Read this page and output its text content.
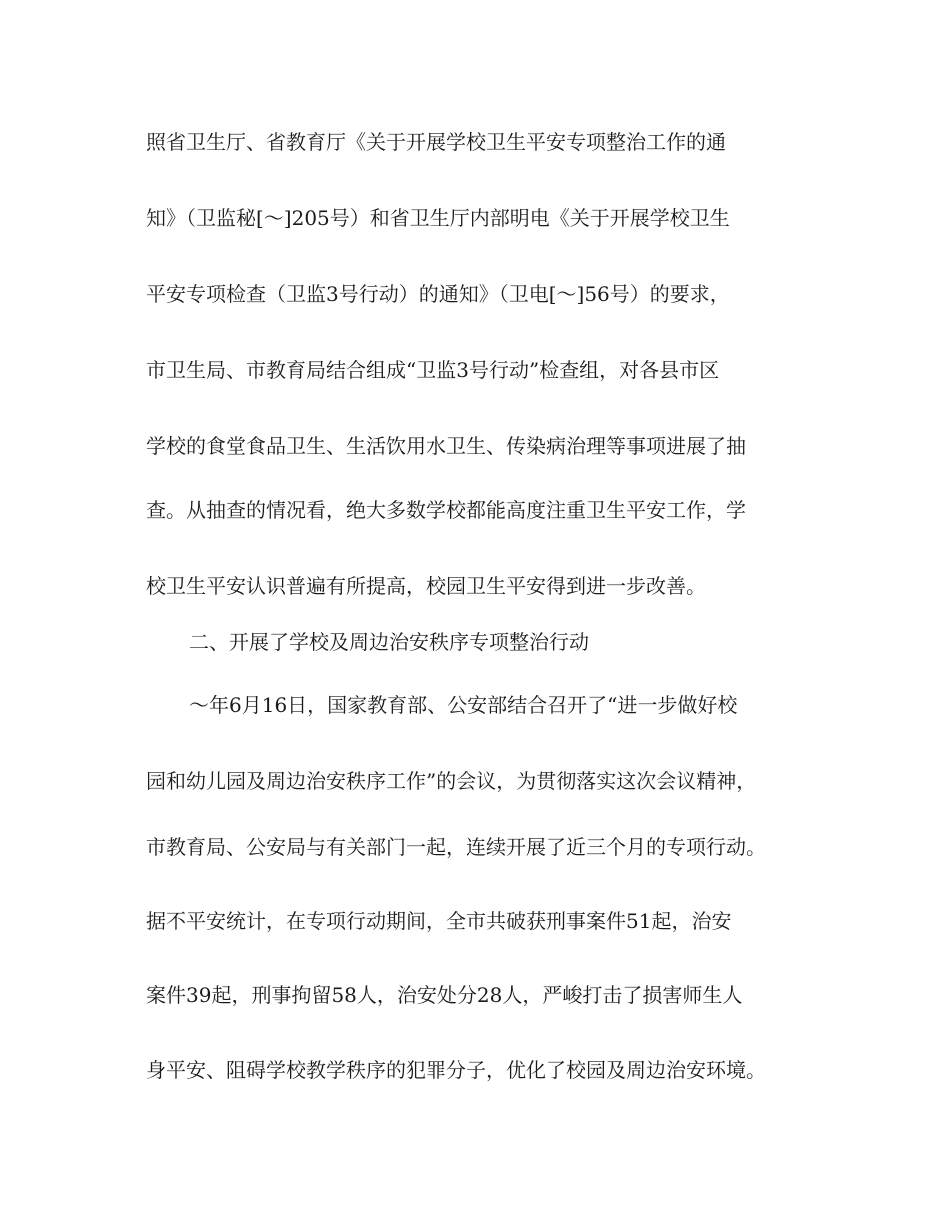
照省卫生厅、省教育厅《关于开展学校卫生平安专项整治工作的通
知》（卫监秘[～]205号）和省卫生厅内部明电《关于开展学校卫生
平安专项检查（卫监3号行动）的通知》（卫电[～]56号）的要求，
市卫生局、市教育局结合组成“卫监3号行动”检查组，对各县市区
学校的食堂食品卫生、生活饮用水卫生、传染病治理等事项进展了抽
查。从抽查的情况看，绝大多数学校都能高度注重卫生平安工作，学
校卫生平安认识普遍有所提高，校园卫生平安得到进一步改善。
二、开展了学校及周边治安秩序专项整治行动
～年6月16日，国家教育部、公安部结合召开了“进一步做好校
园和幼儿园及周边治安秩序工作”的会议，为贯彻落实这次会议精神，
市教育局、公安局与有关部门一起，连续开展了近三个月的专项行动。
据不平安统计，在专项行动期间，全市共破获刑事案件51起，治安
案件39起，刑事拘留58人，治安处分28人，严峻打击了损害师生人
身平安、阻碍学校教学秩序的犯罪分子，优化了校园及周边治安环境。
